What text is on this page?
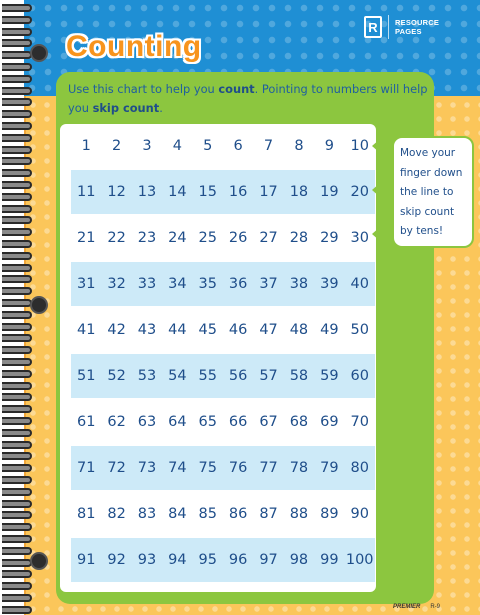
R	RESOURCE
PAGES
Counting
Use this chart to help you count. Pointing to numbers will help you skip count.
1	2	3	4	5	6	7	8	9	10
11 12 13 14 15 16 17 18 19 20
21 22 23 24 25 26 27 28 29 30
31 32 33 34 35 36 37 38 39 40
41 42 43 44 45 46 47 48 49 50
51 52 53 54 55 56 57 58 59 60
61 62 63 64 65 66 67 68 69 70
71 72 73 74 75 76 77 78 79 80
81 82 83 84 85 86 87 88 89 90
91 92 93 94 95 96 97 98 99 100
Move your finger down the line to skip count by tens!
PREMIER R-9
